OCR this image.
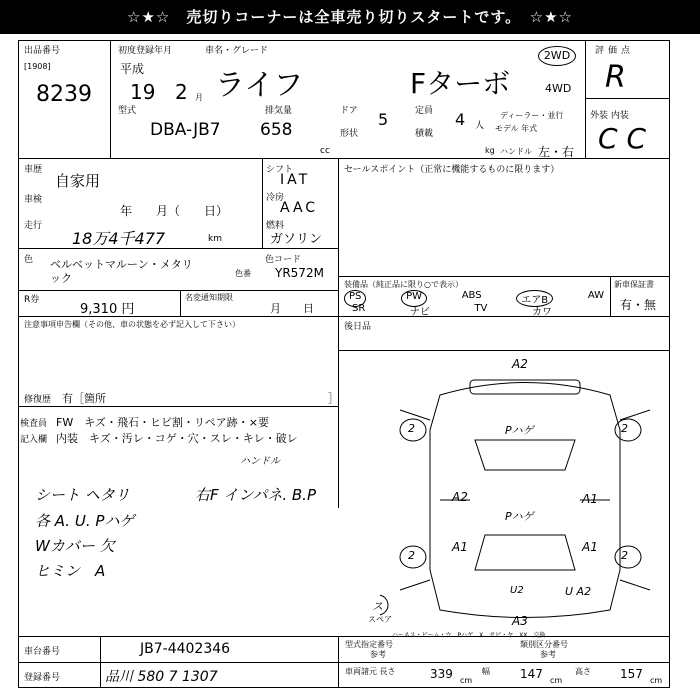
☆★☆　売切りコーナーは全車売り切りスタートです。　☆★☆
出品番号
[1908]
8239
初度登録年月	車名・グレード
平成
19 2 月 ライフ	Fターボ
2WD
4WD
型式
DBA-JB7
排気量
658
cc
ドア 5
形状
定員 4 人
積載
kg
ディーラー・並行
モデル 年式
ハンドル 左・右
評価点
R
外装 内装
C C
車歴
自家用
車検
年　　月（　　日）
走行
18万4千477	km
シフト
IAT
冷房
AAC
燃料
ガソリン
セールスポイント（正常に機能するものに限ります）
色 ベルベットマルーン・メタリック	色番
色コード
YR572M
装備品（純正品に限り○で表示）	新車保証書
PS	PW	ABS	エアB	AW
SR	ナビ	TV	カワ
有・無
R券
9,310 円
名変通知期限
月　　日
注意事項申告欄（その他、車の状態を必ず記入して下さい）	後日品
修復歴 有［箇所	］
検査員 FW　キズ・飛石・ヒビ割・リペア跡・×要
記入欄 内装　キズ・汚レ・コゲ・穴・スレ・キレ・破レ
ハンドル
シート ヘタリ	右F インパネ. B.P
各 A. U. Pハゲ
Wカバー 欠
ヒミン　A
A2
Pハゲ
Pハゲ
A2
A1
A1
A1
2	2
2	2
U2	U A2
A3
ス
スペア
ハーネス・ビーム・ウ　Pハゲ　X　サビ・ヤ　XX　交換
車台番号	JB7-4402346
登録番号	品川 580 7 1307
型式指定番号	類別区分番号
参考	参考
車両諸元 長さ	339 cm
幅	147 cm
高さ 157 cm
